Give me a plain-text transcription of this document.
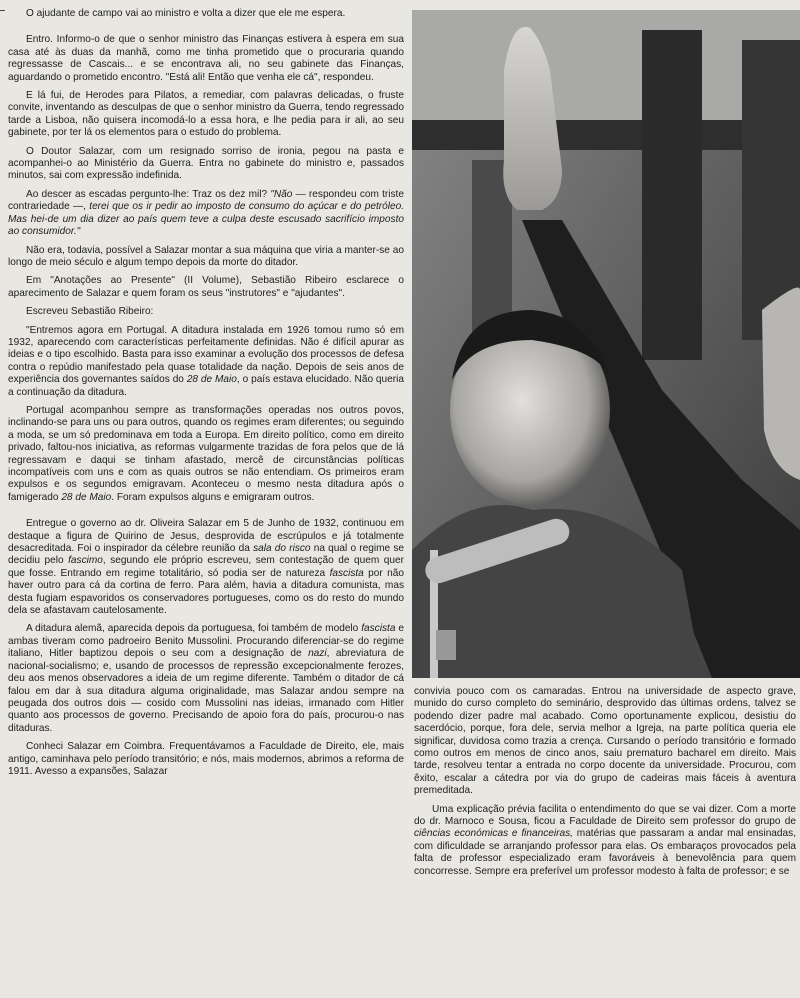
O ajudante de campo vai ao ministro e volta a dizer que ele me espera.

Entro. Informo-o de que o senhor ministro das Finanças estivera à espera em sua casa até às duas da manhã, como me tinha prometido que o procuraria quando regressasse de Cascais... e se encontrava ali, no seu gabinete das Finanças, aguardando o prometido encontro. "Está ali! Então que venha ele cá", respondeu.

E lá fui, de Herodes para Pilatos, a remediar, com palavras delicadas, o fruste convite, inventando as desculpas de que o senhor ministro da Guerra, tendo regressado tarde a Lisboa, não quisera incomodá-lo a essa hora, e lhe pedia para ir ali, ao seu gabinete, por ter lá os elementos para o estudo do problema.

O Doutor Salazar, com um resignado sorriso de ironia, pegou na pasta e acompanhei-o ao Ministério da Guerra. Entra no gabinete do ministro e, passados minutos, sai com expressão indefinida.

Ao descer as escadas pergunto-lhe: Traz os dez mil? "Não — respondeu com triste contrariedade —, terei que os ir pedir ao imposto de consumo do açúcar e do petróleo. Mas hei-de um dia dizer ao país quem teve a culpa deste escusado sacrifício imposto ao consumidor."

Não era, todavia, possível a Salazar montar a sua máquina que viria a manter-se ao longo de meio século e algum tempo depois da morte do ditador.

Em "Anotações ao Presente" (II Volume), Sebastião Ribeiro esclarece o aparecimento de Salazar e quem foram os seus "instrutores" e "ajudantes".

Escreveu Sebastião Ribeiro:

"Entremos agora em Portugal. A ditadura instalada em 1926 tomou rumo só em 1932, aparecendo com características perfeitamente definidas. Não é difícil apurar as ideias e o tipo escolhido. Basta para isso examinar a evolução dos processos de defesa contra o repúdio manifestado pela quase totalidade da nação. Depois de seis anos de experiência dos governantes saídos do 28 de Maio, o país estava elucidado. Não queria a continuação da ditadura.

Portugal acompanhou sempre as transformações operadas nos outros povos, inclinando-se para uns ou para outros, quando os regimes eram diferentes; ou seguindo a moda, se um só predominava em toda a Europa. Em direito político, como em direito privado, faltou-nos iniciativa, as reformas vulgarmente trazidas de fora pelos que de lá regressavam e daqui se tinham afastado, mercê de circunstâncias políticas incompatíveis com uns e com as quais outros se não entendiam. Os primeiros eram expulsos e os segundos emigravam. Aconteceu o mesmo nesta ditadura após o famigerado 28 de Maio. Foram expulsos alguns e emigraram outros.

Entregue o governo ao dr. Oliveira Salazar em 5 de Junho de 1932, continuou em destaque a figura de Quirino de Jesus, desprovida de escrúpulos e já totalmente desacreditada. Foi o inspirador da célebre reunião da sala do risco na qual o regime se decidiu pelo fascimo, segundo ele próprio escreveu, sem contestação de quem quer que fosse. Entrando em regime totalitário, só podia ser de natureza fascista por não haver outro para cá da cortina de ferro. Para além, havia a ditadura comunista, mas desta fugiam espavoridos os conservadores portugueses, como os do resto do mundo dela se afastavam cautelosamente.

A ditadura alemã, aparecida depois da portuguesa, foi também de modelo fascista e ambas tiveram como padroeiro Benito Mussolini. Procurando diferenciar-se do regime italiano, Hitler baptizou depois o seu com a designação de nazi, abreviatura de nacional-socialismo; e, usando de processos de repressão excepcionalmente ferozes, deu aos menos observadores a ideia de um regime diferente. Também o ditador de cá falou em dar à sua ditadura alguma originalidade, mas Salazar andou sempre na peugada dos outros dois — cosido com Mussolini nas ideias, irmanado com Hitler quanto aos processos de governo. Precisando de apoio fora do país, procurou-o nas ditaduras.

Conheci Salazar em Coimbra. Frequentávamos a Faculdade de Direito, ele, mais antigo, caminhava pelo período transitório; e nós, mais modernos, abrimos a reforma de 1911. Avesso a expansões, Salazar

convivia pouco com os camaradas. Entrou na universidade de aspecto grave, munido do curso completo do seminário, desprovido das últimas ordens, talvez se podendo dizer padre mal acabado. Como oportunamente explicou, desistiu do sacerdócio, porque, fora dele, servia melhor a Igreja, na parte política queria ele significar, duvidosa como trazia a crença. Cursando o período transitório e formado como outros em menos de cinco anos, saiu prematuro bacharel em direito. Mais tarde, resolveu tentar a entrada no corpo docente da universidade. Procurou, com êxito, escalar a cátedra por via do grupo de cadeiras mais fáceis à aventura premeditada.

Uma explicação prévia facilita o entendimento do que se vai dizer. Com a morte do dr. Marnoco e Sousa, ficou a Faculdade de Direito sem professor do grupo de ciências económicas e financeiras, matérias que passaram a andar mal ensinadas, com dificuldade se arranjando professor para elas. Os embaraços provocados pela falta de professor especializado eram favoráveis à benevolência para quem concorresse. Sempre era preferível um professor modesto à falta de professor; e se
